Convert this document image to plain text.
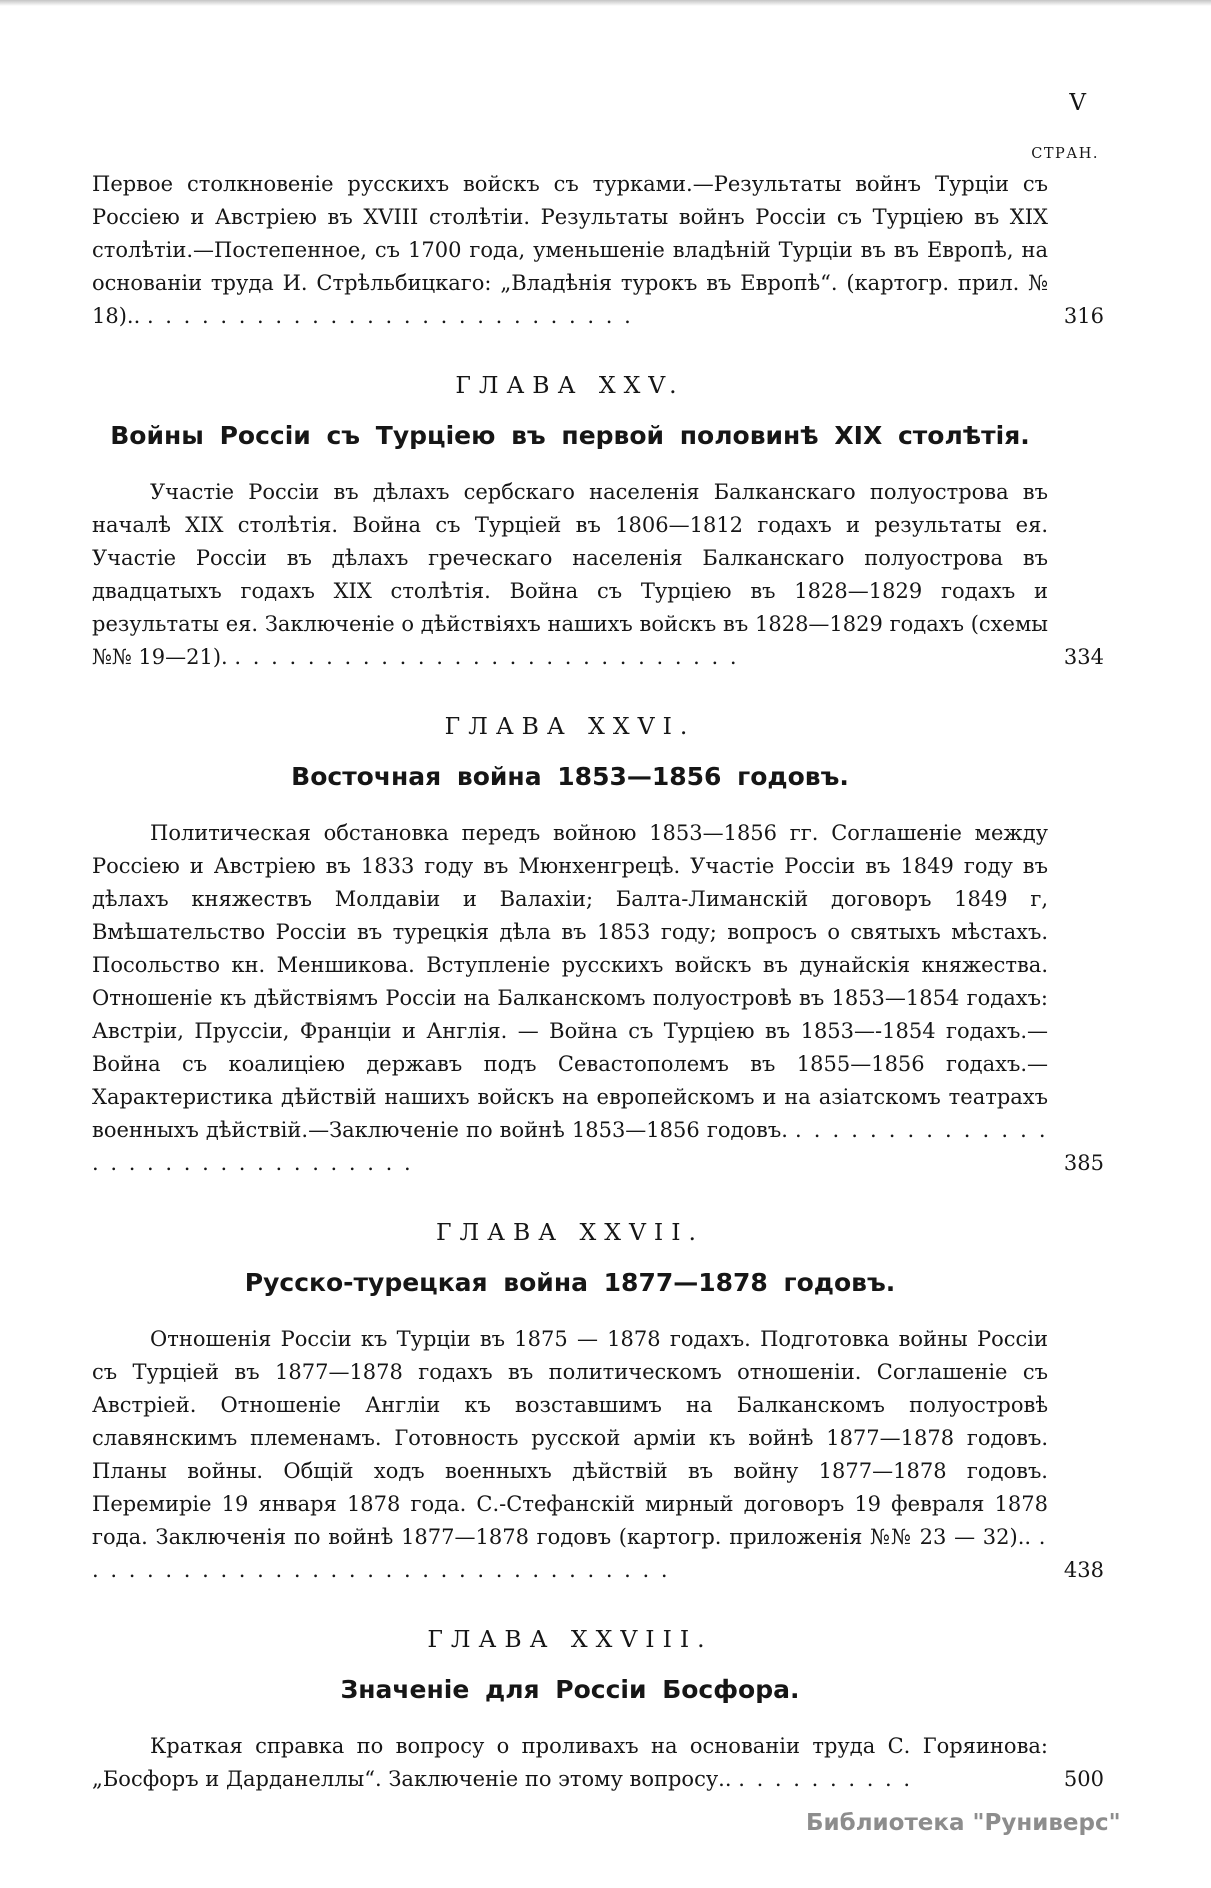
V
СТРАН.

Первое столкновеніе русскихъ войскъ съ турками.—Результаты войнъ Турціи съ Россіею и Австріею въ XVIII столѣтіи. Результаты войнъ Россіи съ Турціею въ XIX столѣтіи.—Постепенное, съ 1700 года, уменьшеніе владѣній Турціи въ въ Европѣ, на основаніи труда И. Стрѣльбицкаго: „Владѣнія турокъ въ Европѣ“. (картогр. прил. № 18).. . . . . . . . . . . . . . . . . . . . . . . . . . . .	316

ГЛАВА XXV.
Войны Россіи съ Турціею въ первой половинѣ XIX столѣтія.

Участіе Россіи въ дѣлахъ сербскаго населенія Балканскаго полуострова въ началѣ XIX столѣтія. Война съ Турціей въ 1806—1812 годахъ и результаты ея. Участіе Россіи въ дѣлахъ греческаго населенія Балканскаго полуострова въ двадцатыхъ годахъ XIX столѣтія. Война съ Турціею въ 1828—1829 годахъ и результаты ея. Заключеніе о дѣйствіяхъ нашихъ войскъ въ 1828—1829 годахъ (схемы №№ 19—21). . . . . . . . . . . . . . . . . . . . . . . . . . . . .	334

ГЛАВА XXVI.
Восточная война 1853—1856 годовъ.

Политическая обстановка передъ войною 1853—1856 гг. Соглашеніе между Россіею и Австріею въ 1833 году въ Мюнхенгрецѣ. Участіе Россіи въ 1849 году въ дѣлахъ княжествъ Молдавіи и Валахіи; Балта-Лиманскій договоръ 1849 г, Вмѣшательство Россіи въ турецкія дѣла въ 1853 году; вопросъ о святыхъ мѣстахъ. Посольство кн. Меншикова. Вступленіе русскихъ войскъ въ дунайскія княжества. Отношеніе къ дѣйствіямъ Россіи на Балканскомъ полуостровѣ въ 1853—1854 годахъ: Австріи, Пруссіи, Франціи и Англія. — Война съ Турціею въ 1853—-1854 годахъ.—Война съ коалиціею державъ подъ Севастополемъ въ 1855—1856 годахъ.—Характеристика дѣйствій нашихъ войскъ на европейскомъ и на азіатскомъ театрахъ военныхъ дѣйствій.—Заключеніе по войнѣ 1853—1856 годовъ. . . . . . . . . . . . . . . . . . . . . . . . . . . . . . . . .	385

ГЛАВА XXVII.
Русско-турецкая война 1877—1878 годовъ.

Отношенія Россіи къ Турціи въ 1875 — 1878 годахъ. Подготовка войны Россіи съ Турціей въ 1877—1878 годахъ въ политическомъ отношеніи. Соглашеніе съ Австріей. Отношеніе Англіи къ возставшимъ на Балканскомъ полуостровѣ славянскимъ племенамъ. Готовность русской арміи къ войнѣ 1877—1878 годовъ. Планы войны. Общій ходъ военныхъ дѣйствій въ войну 1877—1878 годовъ. Перемиріе 19 января 1878 года. С.-Стефанскій мирный договоръ 19 февраля 1878 года. Заключенія по войнѣ 1877—1878 годовъ (картогр. приложенія №№ 23 — 32).. . . . . . . . . . . . . . . . . . . . . . . . . . . . . . . . . .	438

ГЛАВА XXVIII.
Значеніе для Россіи Босфора.

Краткая справка по вопросу о проливахъ на основаніи труда С. Горяинова: „Босфоръ и Дарданеллы“. Заключеніе по этому вопросу.. . . . . . . . . . .	500

Библиотека "Руниверс"
